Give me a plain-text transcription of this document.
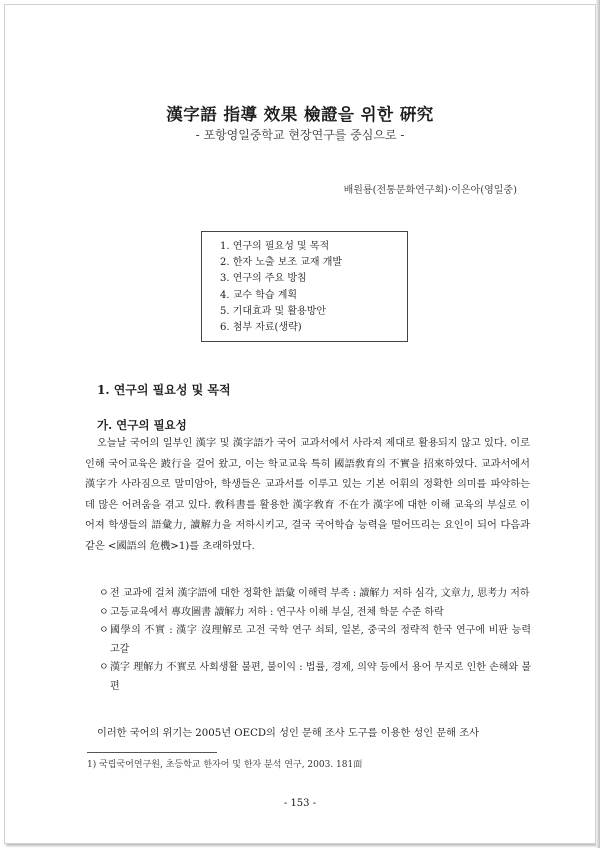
漢字語 指導 效果 檢證을 위한 硏究
- 포항영일중학교 현장연구를 중심으로 -
배원룡(전통문화연구회)·이은아(영일중)
1. 연구의 필요성 및 목적
2. 한자 노출 보조 교재 개발
3. 연구의 주요 방침
4. 교수 학습 계획
5. 기대효과 및 활용방안
6. 첨부 자료(생략)
1. 연구의 필요성 및 목적
가. 연구의 필요성

오늘날 국어의 일부인 漢字 및 漢字語가 국어 교과서에서 사라져 제대로 활용되지 않고 있다. 이로 인해 국어교육은 跛行을 걸어 왔고, 이는 학교교육 특히 國語敎育의 不實을 招來하였다. 교과서에서 漢字가 사라짐으로 말미암아, 학생들은 교과서를 이루고 있는 기본 어휘의 정확한 의미를 파악하는 데 많은 어려움을 겪고 있다. 敎科書를 활용한 漢字敎育 不在가 漢字에 대한 이해 교육의 부실로 이어져 학생들의 語彙力, 讀解力을 저하시키고, 결국 국어학습 능력을 떨어뜨리는 요인이 되어 다음과 같은 <國語의 危機>1)를 초래하였다.

ㅇ 전 교과에 걸쳐 漢字語에 대한 정확한 語彙 이해력 부족 : 讀解力 저하 심각, 文章力, 思考力 저하
ㅇ 고등교육에서 專攻圖書 讀解力 저하 : 연구사 이해 부실, 전체 학문 수준 하락
ㅇ 國學의 不實 : 漢字 沒理解로 고전 국학 연구 쇠퇴, 일본, 중국의 정략적 한국 연구에 비판 능력 고갈
ㅇ 漢字 理解力 不實로 사회생활 불편, 불이익 : 법률, 경제, 의약 등에서 용어 무지로 인한 손해와 불편

이러한 국어의 위기는 2005년 OECD의 성인 문해 조사 도구를 이용한 성인 문해 조사

1) 국립국어연구원, 초등학교 한자어 및 한자 분석 연구, 2003. 181面
- 153 -
